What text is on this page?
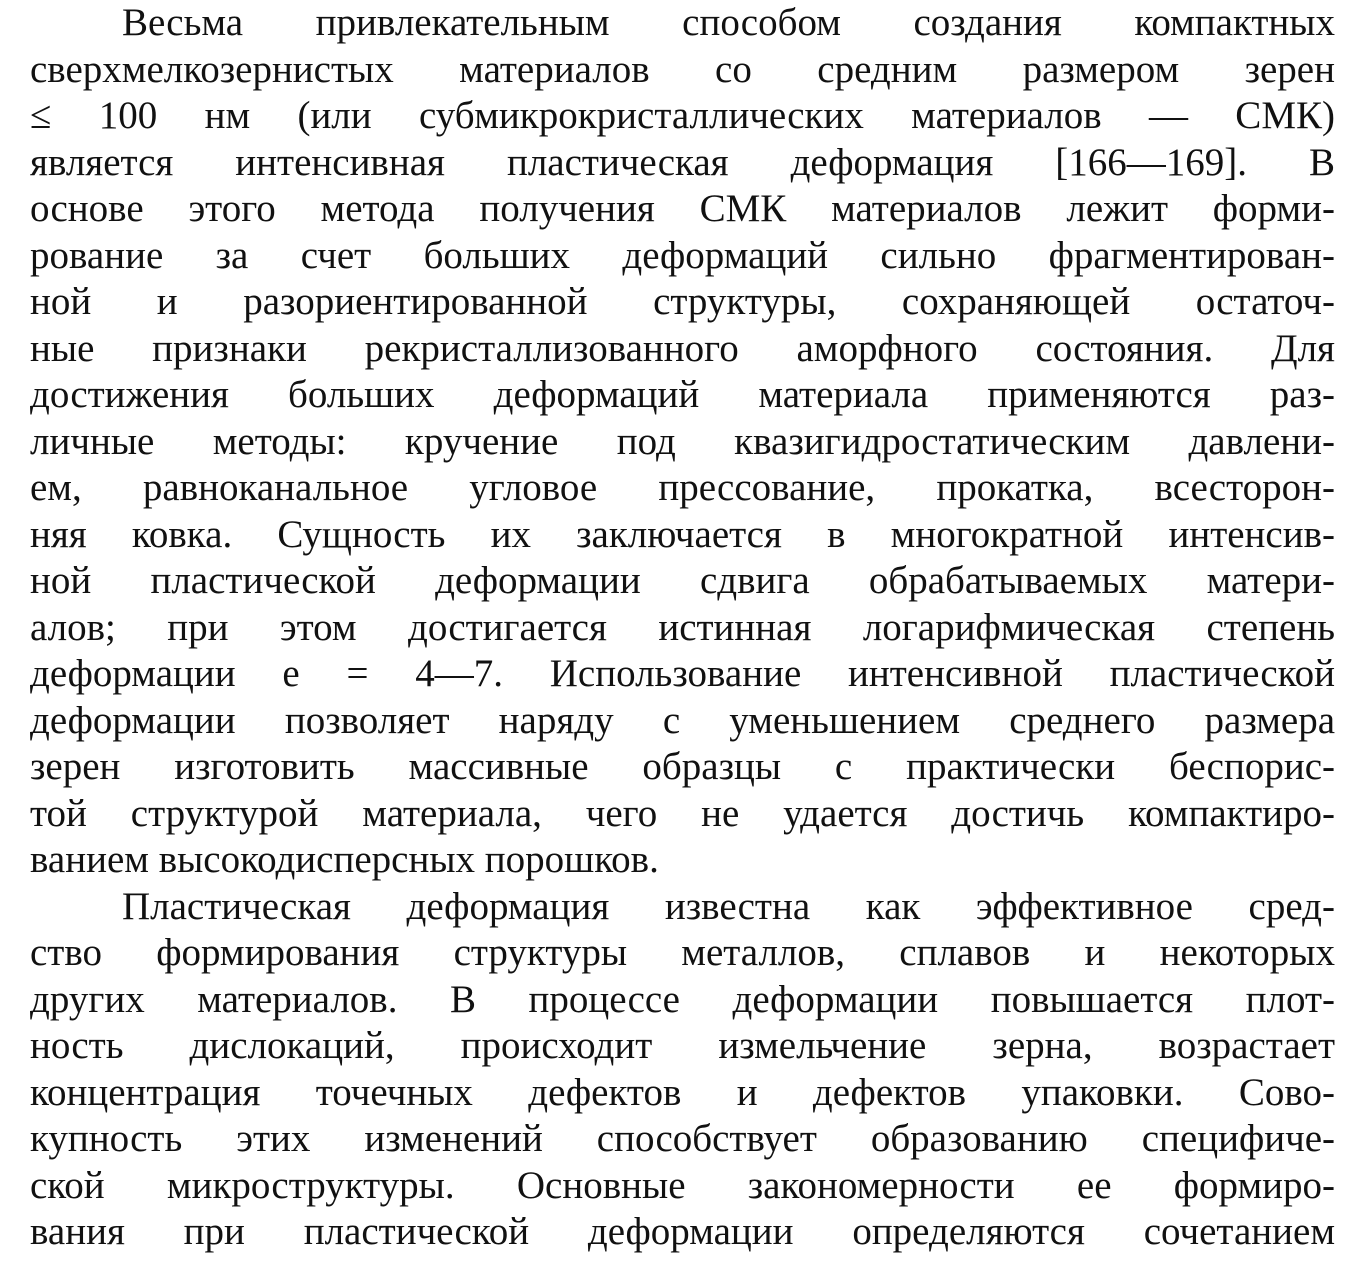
Весьма привлекательным способом создания компактных
сверхмелкозернистых материалов со средним размером зерен
≤ 100 нм (или субмикрокристаллических материалов — СМК)
является интенсивная пластическая деформация [166—169]. В
основе этого метода получения СМК материалов лежит форми-
рование за счет больших деформаций сильно фрагментирован-
ной и разориентированной структуры, сохраняющей остаточ-
ные признаки рекристаллизованного аморфного состояния. Для
достижения больших деформаций материала применяются раз-
личные методы: кручение под квазигидростатическим давлени-
ем, равноканальное угловое прессование, прокатка, всесторон-
няя ковка. Сущность их заключается в многократной интенсив-
ной пластической деформации сдвига обрабатываемых матери-
алов; при этом достигается истинная логарифмическая степень
деформации e = 4—7. Использование интенсивной пластической
деформации позволяет наряду с уменьшением среднего размера
зерен изготовить массивные образцы с практически беспорис-
той структурой материала, чего не удается достичь компактиро-
ванием высокодисперсных порошков.
Пластическая деформация известна как эффективное сред-
ство формирования структуры металлов, сплавов и некоторых
других материалов. В процессе деформации повышается плот-
ность дислокаций, происходит измельчение зерна, возрастает
концентрация точечных дефектов и дефектов упаковки. Сово-
купность этих изменений способствует образованию специфиче-
ской микроструктуры. Основные закономерности ее формиро-
вания при пластической деформации определяются сочетанием
